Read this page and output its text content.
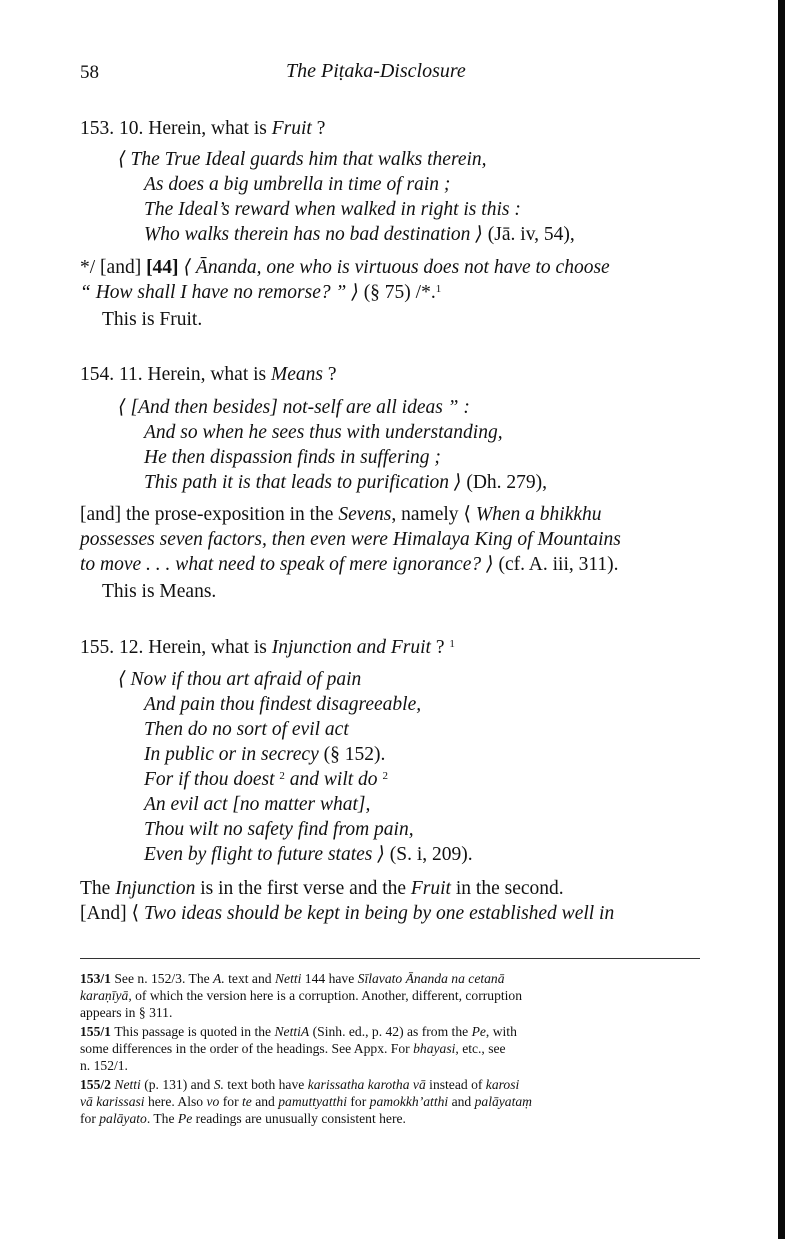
58	The Piṭaka-Disclosure
153. 10. Herein, what is Fruit ?
⟨ The True Ideal guards him that walks therein,
As does a big umbrella in time of rain ;
The Ideal’s reward when walked in right is this :
Who walks therein has no bad destination ⟩ (Jā. iv, 54),
*/ [and] [44] ⟨ Ānanda, one who is virtuous does not have to choose
“ How shall I have no remorse? ” ⟩ (§ 75) /*.$^1$
This is Fruit.
154. 11. Herein, what is Means ?
⟨ [And then besides] not-self are all ideas ” :
And so when he sees thus with understanding,
He then dispassion finds in suffering ;
This path it is that leads to purification ⟩ (Dh. 279),
[and] the prose-exposition in the Sevens, namely ⟨ When a bhikkhu
possesses seven factors, then even were Himalaya King of Mountains
to move . . . what need to speak of mere ignorance? ⟩ (cf. A. iii, 311).
This is Means.
155. 12. Herein, what is Injunction and Fruit ? $^1$
⟨ Now if thou art afraid of pain
And pain thou findest disagreeable,
Then do no sort of evil act
In public or in secrecy (§ 152).
For if thou doest $^2$ and wilt do $^2$
An evil act [no matter what],
Thou wilt no safety find from pain,
Even by flight to future states ⟩ (S. i, 209).
The Injunction is in the first verse and the Fruit in the second.
[And] ⟨ Two ideas should be kept in being by one established well in
153/1 See n. 152/3. The A. text and Netti 144 have Sīlavato Ānanda na cetanā
karaṇīyā, of which the version here is a corruption. Another, different, corruption
appears in § 311.
155/1 This passage is quoted in the NettiA (Sinh. ed., p. 42) as from the Pe, with
some differences in the order of the headings. See Appx. For bhayasi, etc., see
n. 152/1.
155/2 Netti (p. 131) and S. text both have karissatha karotha vā instead of karosi
vā karissasi here. Also vo for te and pamuttyatthi for pamokkh’atthi and palāyataṃ
for palāyato. The Pe readings are unusually consistent here.
